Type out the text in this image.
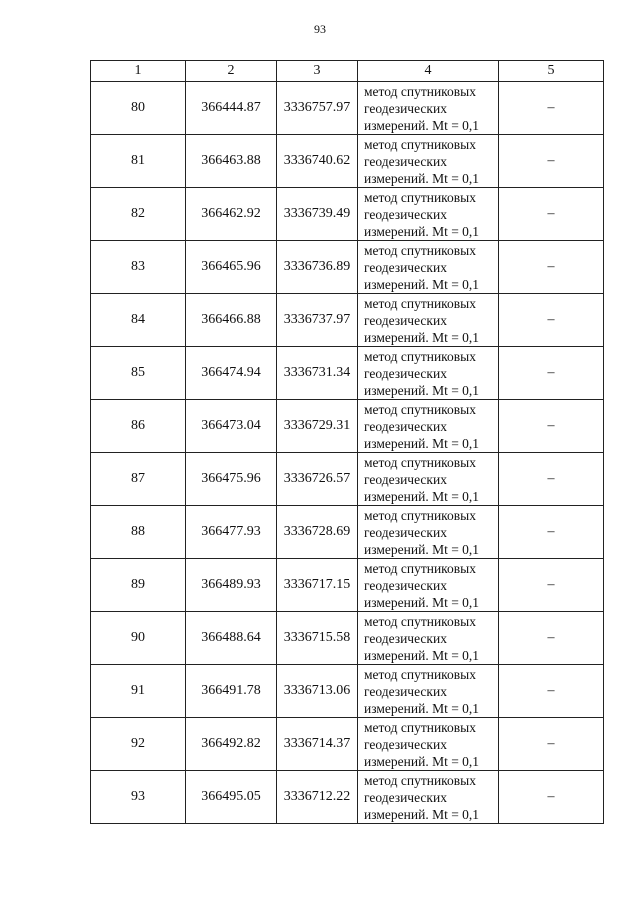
93
1	2	3	4	5
80	366444.87	3336757.97	метод спутниковых
геодезических
измерений. Mt = 0,1	–
81	366463.88	3336740.62	метод спутниковых
геодезических
измерений. Mt = 0,1	–
82	366462.92	3336739.49	метод спутниковых
геодезических
измерений. Mt = 0,1	–
83	366465.96	3336736.89	метод спутниковых
геодезических
измерений. Mt = 0,1	–
84	366466.88	3336737.97	метод спутниковых
геодезических
измерений. Mt = 0,1	–
85	366474.94	3336731.34	метод спутниковых
геодезических
измерений. Mt = 0,1	–
86	366473.04	3336729.31	метод спутниковых
геодезических
измерений. Mt = 0,1	–
87	366475.96	3336726.57	метод спутниковых
геодезических
измерений. Mt = 0,1	–
88	366477.93	3336728.69	метод спутниковых
геодезических
измерений. Mt = 0,1	–
89	366489.93	3336717.15	метод спутниковых
геодезических
измерений. Mt = 0,1	–
90	366488.64	3336715.58	метод спутниковых
геодезических
измерений. Mt = 0,1	–
91	366491.78	3336713.06	метод спутниковых
геодезических
измерений. Mt = 0,1	–
92	366492.82	3336714.37	метод спутниковых
геодезических
измерений. Mt = 0,1	–
93	366495.05	3336712.22	метод спутниковых
геодезических
измерений. Mt = 0,1	–
